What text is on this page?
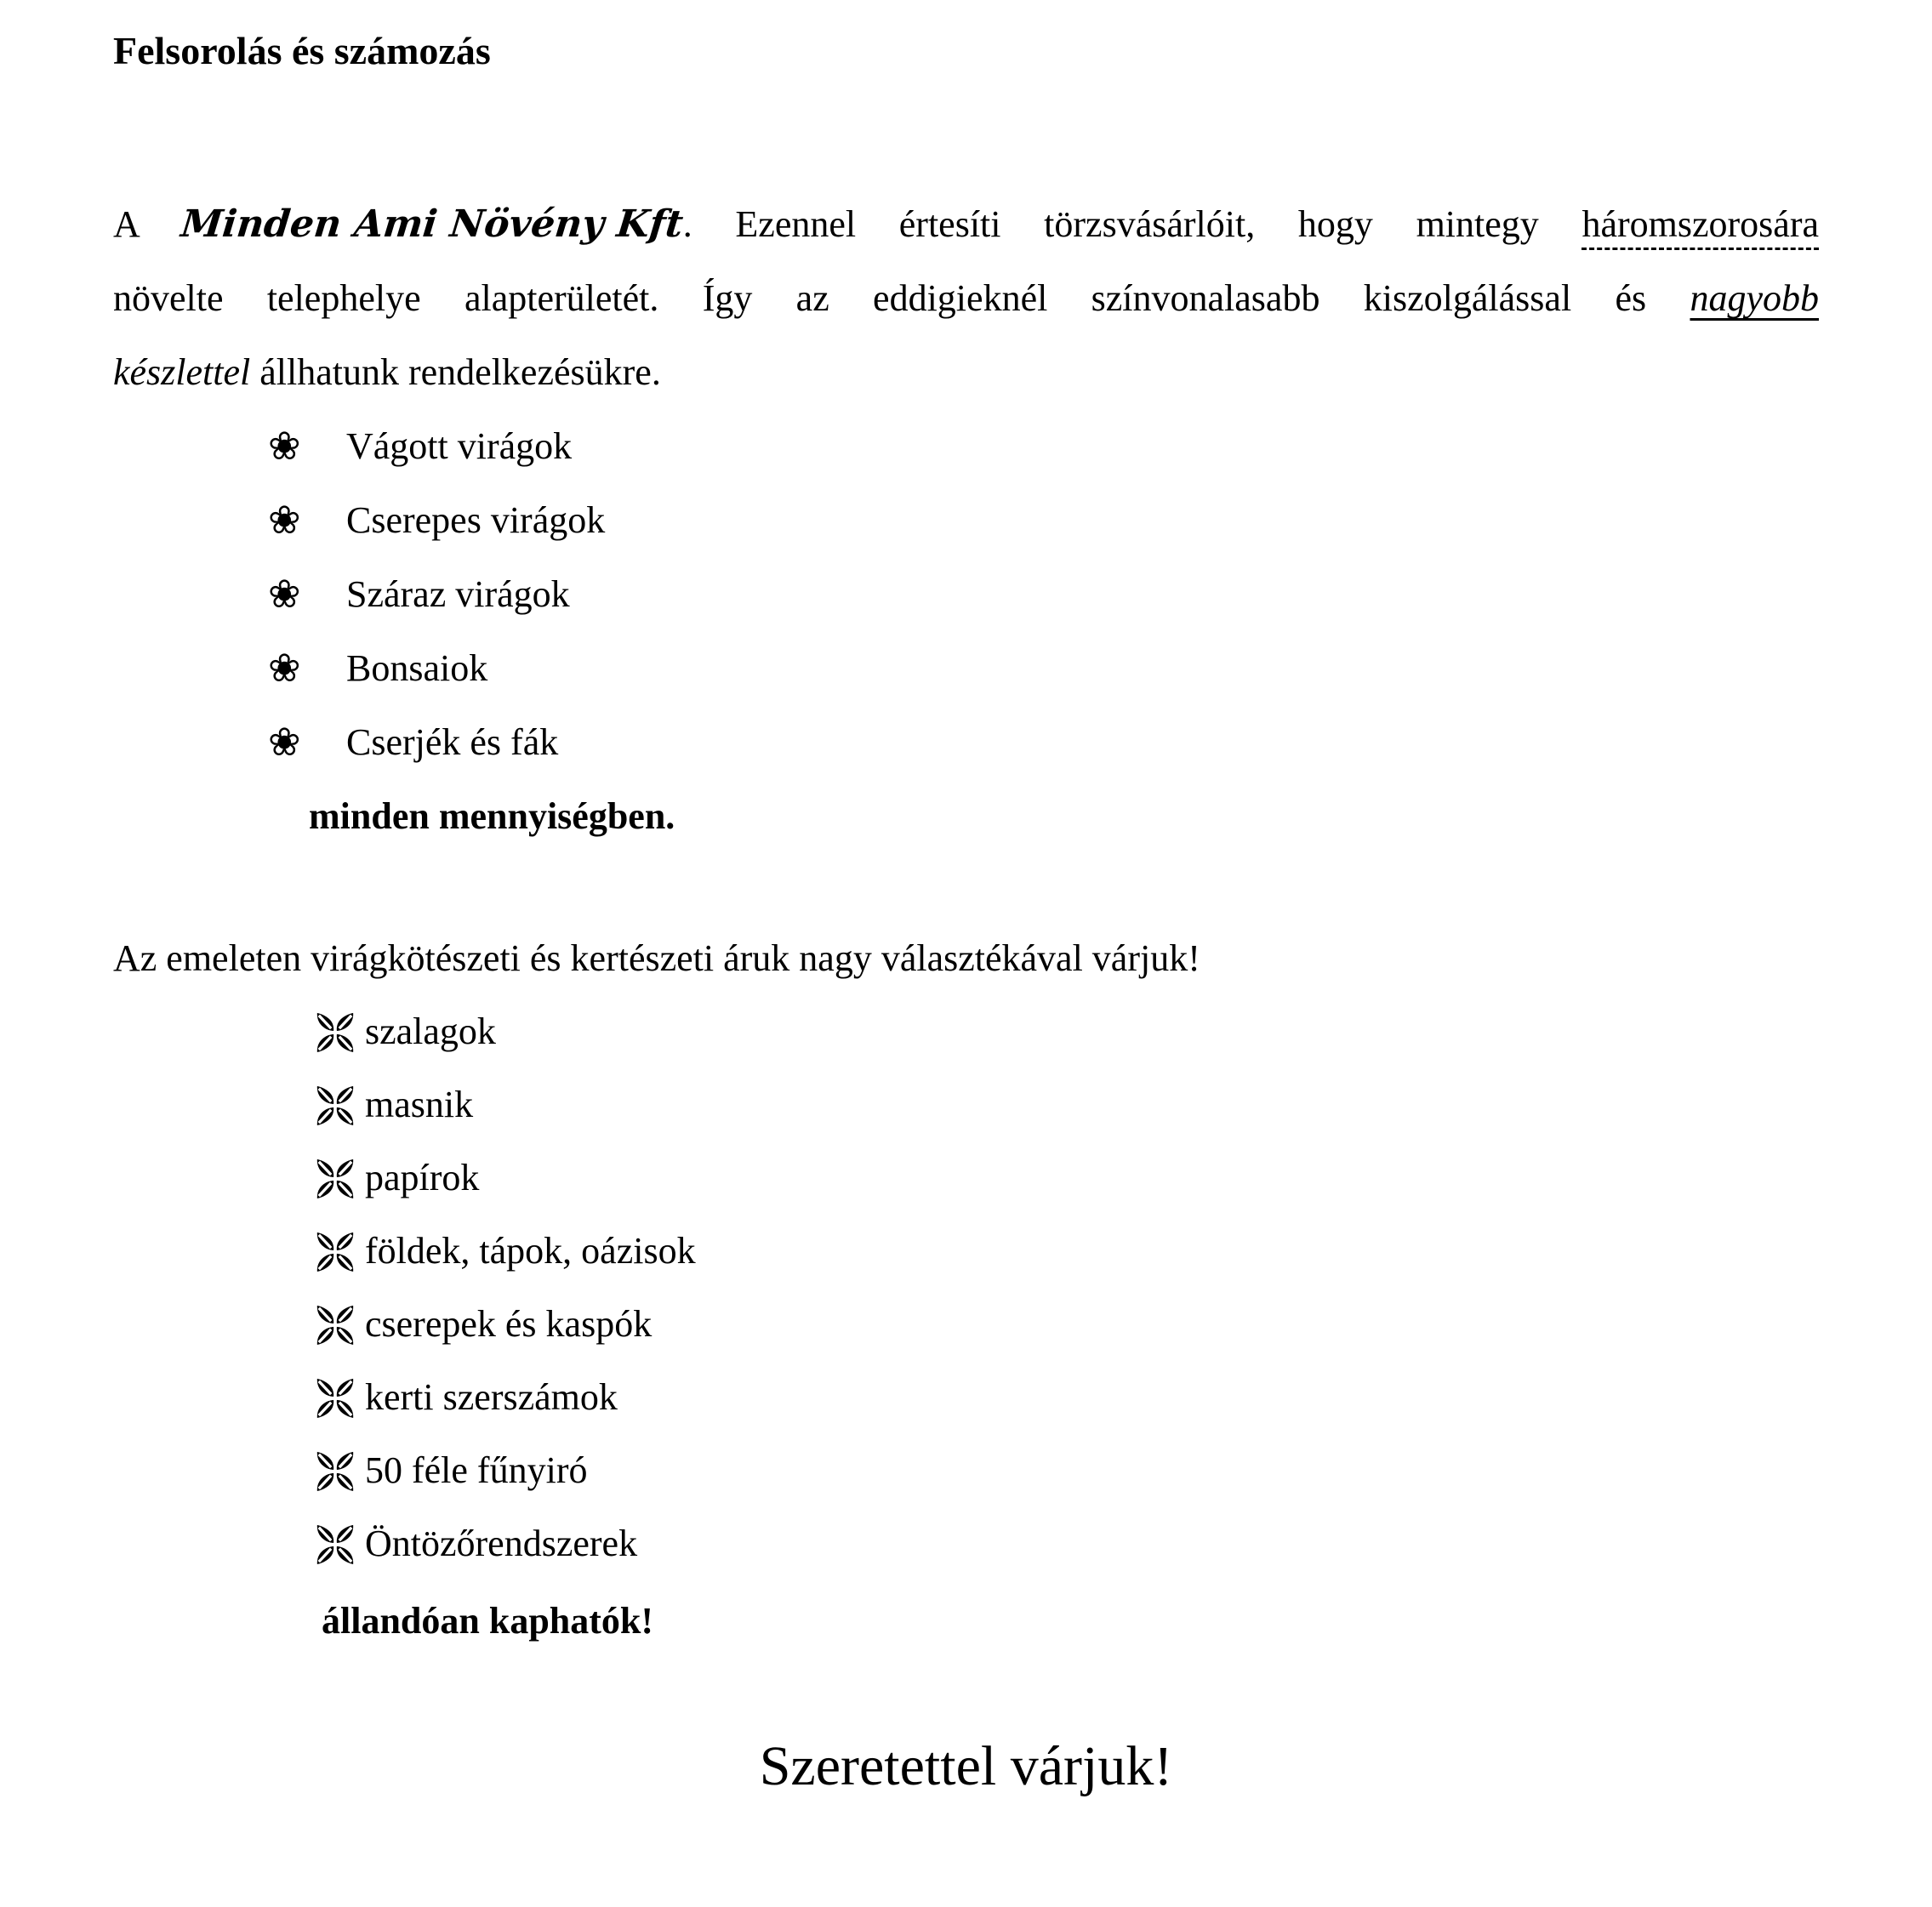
Felsorolás és számozás
A Minden Ami Növény Kft. Ezennel értesíti törzsvásárlóit, hogy mintegy háromszorosára
növelte telephelye alapterületét. Így az eddigieknél színvonalasabb kiszolgálással és nagyobb
készlettel állhatunk rendelkezésükre.
❀
Vágott virágok
❀
Cserepes virágok
❀
Száraz virágok
❀
Bonsaiok
❀
Cserjék és fák

minden mennyiségben.

Az emeleten virágkötészeti és kertészeti áruk nagy választékával várjuk!
szalagok
masnik
papírok
földek, tápok, oázisok
cserepek és kaspók
kerti szerszámok
50 féle fűnyiró
Öntözőrendszerek

állandóan kaphatók!

Szeretettel várjuk!
